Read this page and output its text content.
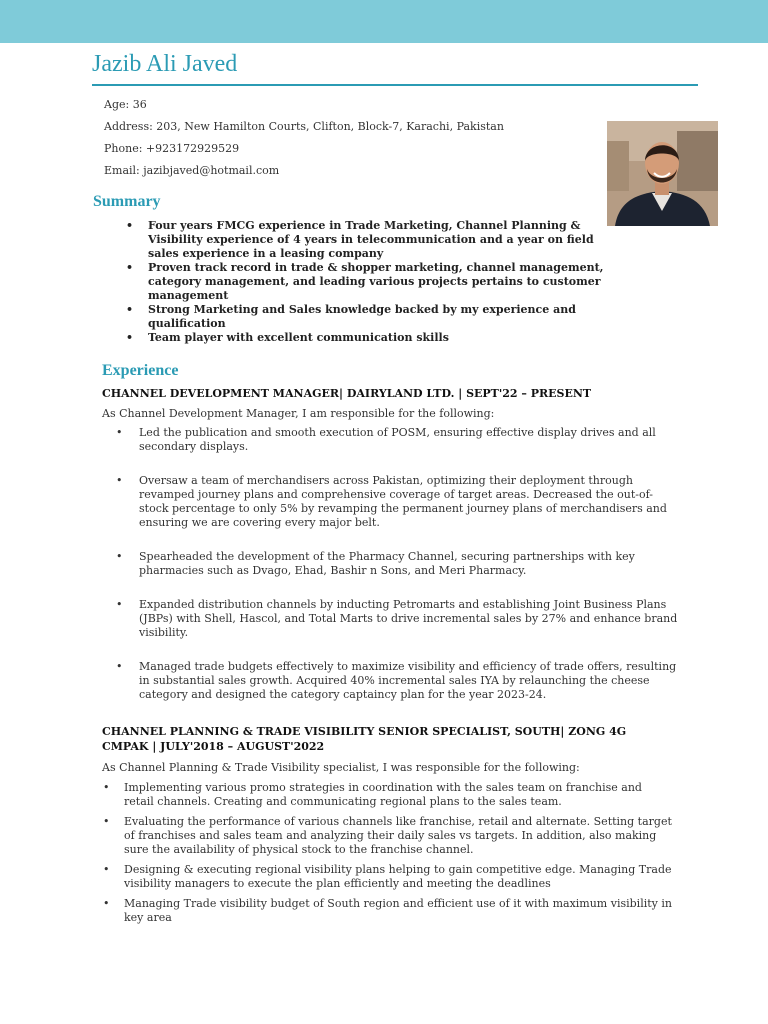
Jazib Ali Javed
Age: 36
Address: 203, New Hamilton Courts, Clifton, Block-7, Karachi, Pakistan
Phone: +923172929529
Email: jazibjaved@hotmail.com
Summary
• Four years FMCG experience in Trade Marketing, Channel Planning & Visibility experience of 4 years in telecommunication and a year on field sales experience in a leasing company
• Proven track record in trade & shopper marketing, channel management, category management, and leading various projects pertains to customer management
• Strong Marketing and Sales knowledge backed by my experience and qualification
• Team player with excellent communication skills
Experience
CHANNEL DEVELOPMENT MANAGER| DAIRYLAND LTD. | SEPT'22 – PRESENT
As Channel Development Manager, I am responsible for the following:
• Led the publication and smooth execution of POSM, ensuring effective display drives and all secondary displays.
• Oversaw a team of merchandisers across Pakistan, optimizing their deployment through revamped journey plans and comprehensive coverage of target areas. Decreased the out-of-stock percentage to only 5% by revamping the permanent journey plans of merchandisers and ensuring we are covering every major belt.
• Spearheaded the development of the Pharmacy Channel, securing partnerships with key pharmacies such as Dvago, Ehad, Bashir n Sons, and Meri Pharmacy.
• Expanded distribution channels by inducting Petromarts and establishing Joint Business Plans (JBPs) with Shell, Hascol, and Total Marts to drive incremental sales by 27% and enhance brand visibility.
• Managed trade budgets effectively to maximize visibility and efficiency of trade offers, resulting in substantial sales growth. Acquired 40% incremental sales IYA by relaunching the cheese category and designed the category captaincy plan for the year 2023-24.
CHANNEL PLANNING & TRADE VISIBILITY SENIOR SPECIALIST, SOUTH| ZONG 4G CMPAK | JULY'2018 – AUGUST'2022
As Channel Planning & Trade Visibility specialist, I was responsible for the following:
• Implementing various promo strategies in coordination with the sales team on franchise and retail channels. Creating and communicating regional plans to the sales team.
• Evaluating the performance of various channels like franchise, retail and alternate. Setting target of franchises and sales team and analyzing their daily sales vs targets. In addition, also making sure the availability of physical stock to the franchise channel.
• Designing & executing regional visibility plans helping to gain competitive edge. Managing Trade visibility managers to execute the plan efficiently and meeting the deadlines
• Managing Trade visibility budget of South region and efficient use of it with maximum visibility in key area
